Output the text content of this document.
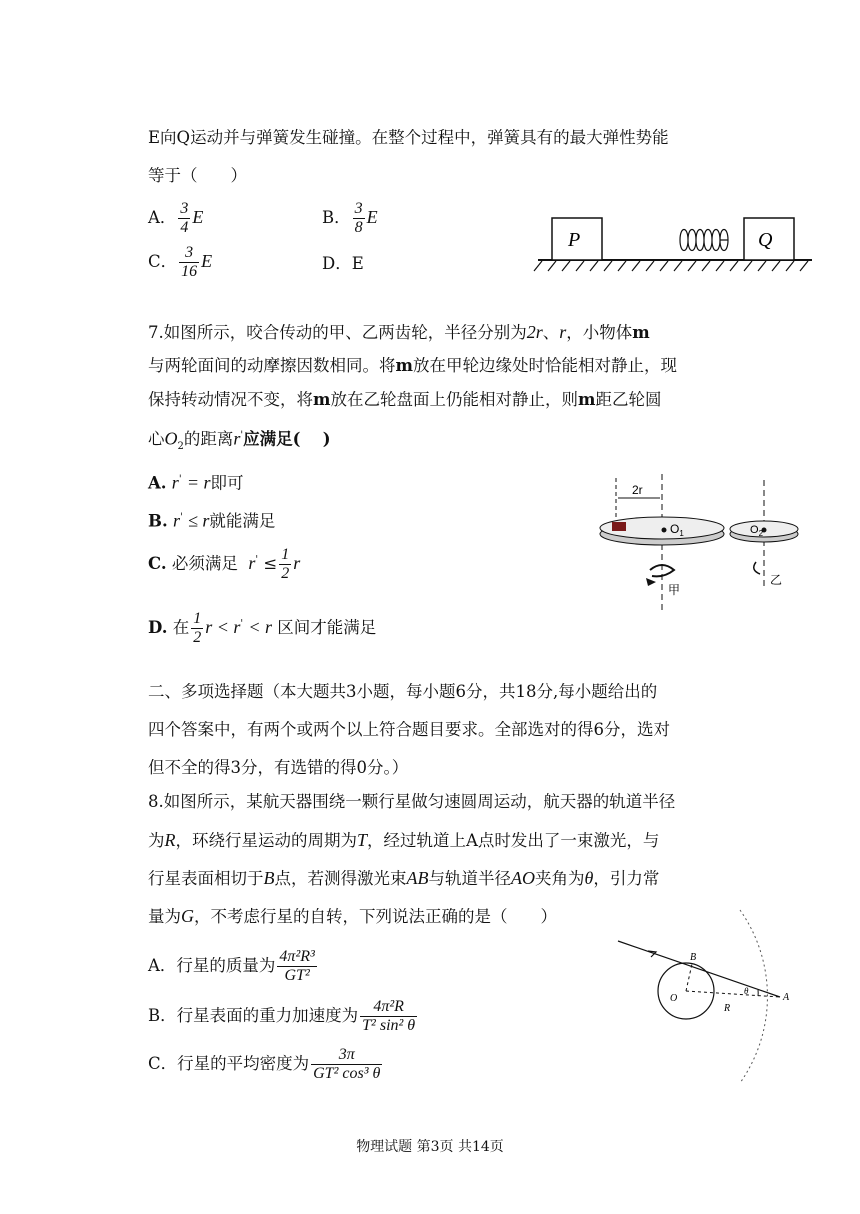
E向Q运动并与弹簧发生碰撞。在整个过程中，弹簧具有的最大弹性势能
等于（　　）
A． $\frac{3}{4}$ E	B． $\frac{3}{8}$ E
C． $\frac{3}{16}$ E	D．E
P	Q
7.如图所示，咬合传动的甲、乙两齿轮，半径分别为2r、r，小物体m
与两轮面间的动摩擦因数相同。将m放在甲轮边缘处时恰能相对静止，现
保持转动情况不变，将m放在乙轮盘面上仍能相对静止，则m距乙轮圆
心$O_2$的距离r'应满足(　 )
A. r' = r即可
B. r' ≤ r就能满足
C. 必须满足 $r' \le \frac{1}{2}$ r
D. 在 $\frac{1}{2}$ r < r' < r 区间才能满足
2r
$O_1$	$O_2$
甲
乙
二、多项选择题（本大题共3小题，每小题6分，共18分,每小题给出的
四个答案中，有两个或两个以上符合题目要求。全部选对的得6分，选对
但不全的得3分，有选错的得0分。）
8.如图所示，某航天器围绕一颗行星做匀速圆周运动，航天器的轨道半径
为R，环绕行星运动的周期为T，经过轨道上A点时发出了一束激光，与
行星表面相切于B点，若测得激光束AB与轨道半径AO夹角为θ，引力常
量为G，不考虑行星的自转，下列说法正确的是（　　）
A．行星的质量为 $\frac{\text{4π²R³}}{\text{GT²}}$
B．行星表面的重力加速度为 $\frac{\text{4π²R}}{\text{T² sin² θ}}$
C．行星的平均密度为 $\frac{3\pi}{\text{GT² cos³ θ}}$
B
O
R
A
θ
物理试题 第3页 共14页
